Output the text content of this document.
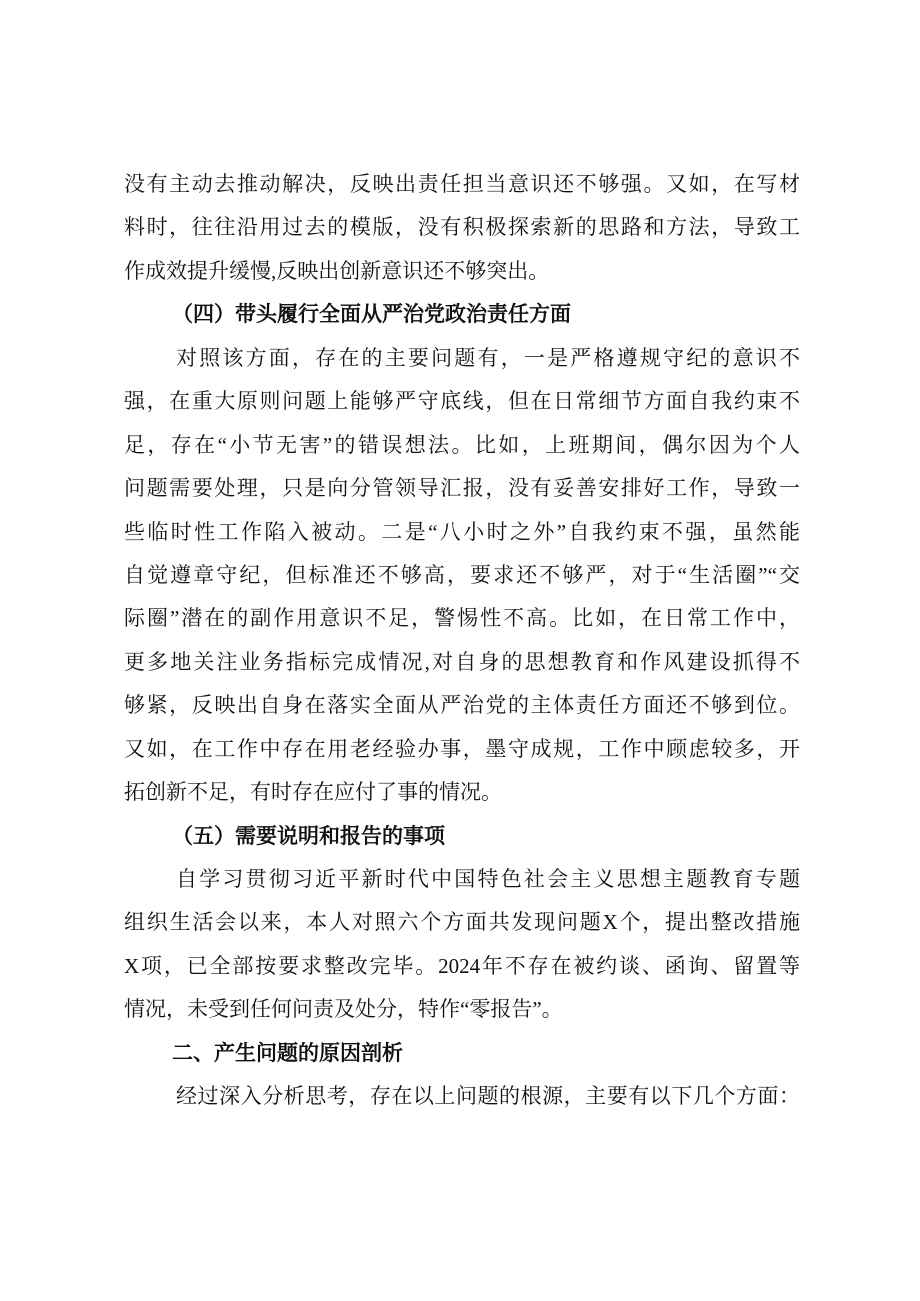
没有主动去推动解决，反映出责任担当意识还不够强。又如，在写材
料时，往往沿用过去的模版，没有积极探索新的思路和方法，导致工
作成效提升缓慢,反映出创新意识还不够突出。
（四）带头履行全面从严治党政治责任方面
对照该方面，存在的主要问题有，一是严格遵规守纪的意识不
强，在重大原则问题上能够严守底线，但在日常细节方面自我约束不
足，存在“小节无害”的错误想法。比如，上班期间，偶尔因为个人
问题需要处理，只是向分管领导汇报，没有妥善安排好工作，导致一
些临时性工作陷入被动。二是“八小时之外”自我约束不强，虽然能
自觉遵章守纪，但标准还不够高，要求还不够严，对于“生活圈”“交
际圈”潜在的副作用意识不足，警惕性不高。比如，在日常工作中，
更多地关注业务指标完成情况,对自身的思想教育和作风建设抓得不
够紧，反映出自身在落实全面从严治党的主体责任方面还不够到位。
又如，在工作中存在用老经验办事，墨守成规，工作中顾虑较多，开
拓创新不足，有时存在应付了事的情况。
（五）需要说明和报告的事项
自学习贯彻习近平新时代中国特色社会主义思想主题教育专题
组织生活会以来，本人对照六个方面共发现问题X个，提出整改措施
X项，已全部按要求整改完毕。2024年不存在被约谈、函询、留置等
情况，未受到任何问责及处分，特作“零报告”。
二、产生问题的原因剖析
经过深入分析思考，存在以上问题的根源，主要有以下几个方面：
